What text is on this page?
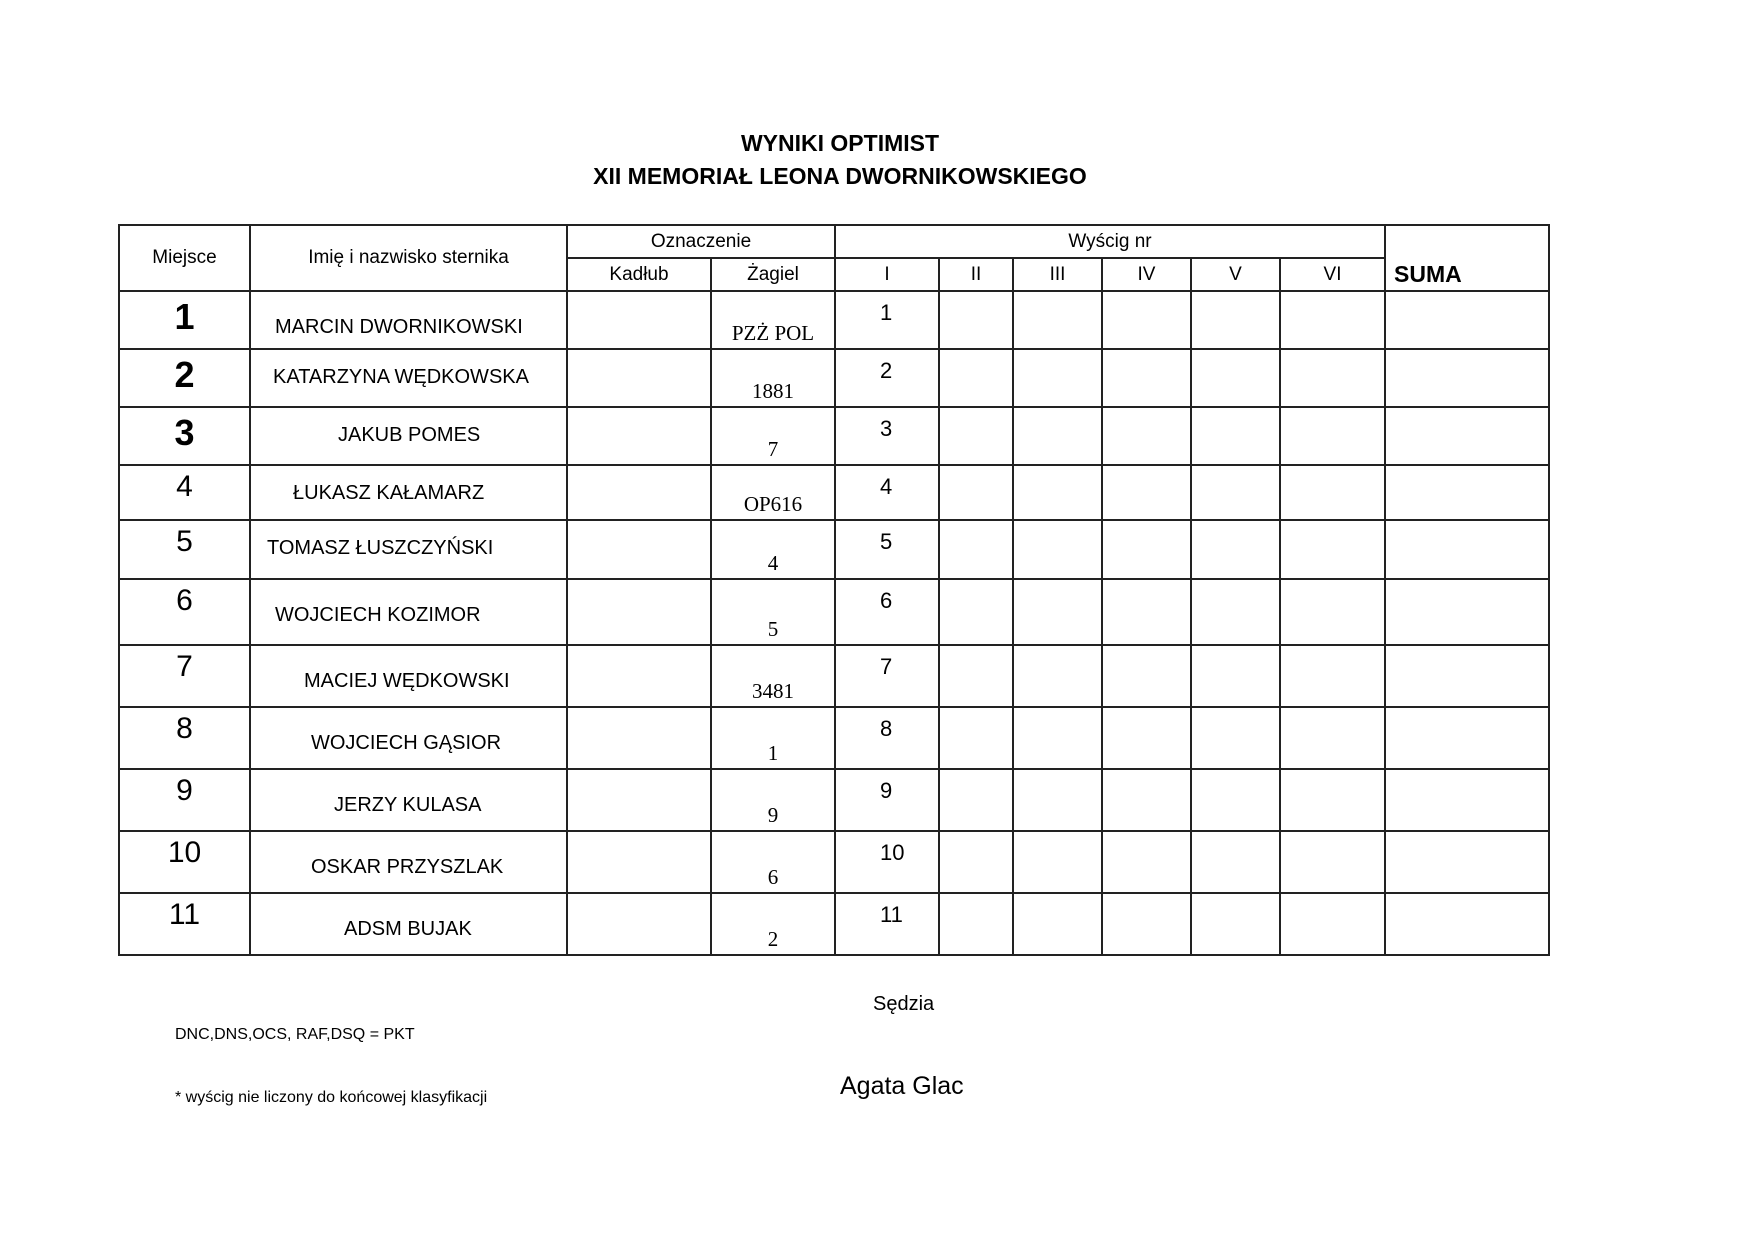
WYNIKI OPTIMIST
XII MEMORIAŁ LEONA DWORNIKOWSKIEGO
Miejsce	Imię i nazwisko sternika	Oznaczenie		Wyścig nr						SUMA
		Kadłub	Żagiel	I	II	III	IV	V	VI	
1	MARCIN DWORNIKOWSKI		PZŻ POL	1						
2	KATARZYNA WĘDKOWSKA		1881	2						
3	JAKUB POMES		7	3						
4	ŁUKASZ KAŁAMARZ		OP616	4						
5	TOMASZ ŁUSZCZYŃSKI		4	5						
6	WOJCIECH KOZIMOR		5	6						
7	MACIEJ WĘDKOWSKI		3481	7						
8	WOJCIECH GĄSIOR		1	8						
9	JERZY KULASA		9	9						
10	OSKAR PRZYSZLAK		6	10						
11	ADSM BUJAK		2	11						
Sędzia
DNC,DNS,OCS, RAF,DSQ = PKT
Agata Glac
* wyścig nie liczony do końcowej klasyfikacji
